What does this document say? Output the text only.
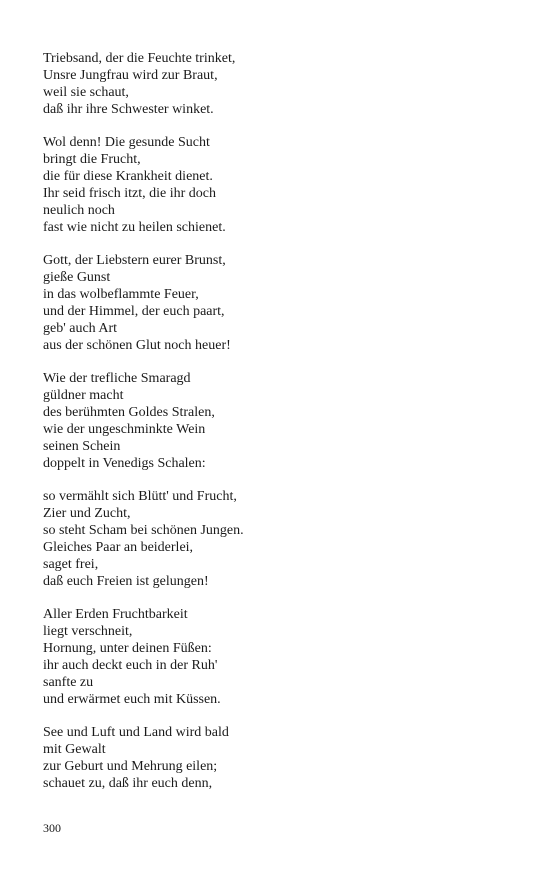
Triebsand, der die Feuchte trinket,
Unsre Jungfrau wird zur Braut,
weil sie schaut,
daß ihr ihre Schwester winket.
Wol denn! Die gesunde Sucht
bringt die Frucht,
die für diese Krankheit dienet.
Ihr seid frisch itzt, die ihr doch
neulich noch
fast wie nicht zu heilen schienet.
Gott, der Liebstern eurer Brunst,
gieße Gunst
in das wolbeflammte Feuer,
und der Himmel, der euch paart,
geb' auch Art
aus der schönen Glut noch heuer!
Wie der trefliche Smaragd
güldner macht
des berühmten Goldes Stralen,
wie der ungeschminkte Wein
seinen Schein
doppelt in Venedigs Schalen:
so vermählt sich Blütt' und Frucht,
Zier und Zucht,
so steht Scham bei schönen Jungen.
Gleiches Paar an beiderlei,
saget frei,
daß euch Freien ist gelungen!
Aller Erden Fruchtbarkeit
liegt verschneit,
Hornung, unter deinen Füßen:
ihr auch deckt euch in der Ruh'
sanfte zu
und erwärmet euch mit Küssen.
See und Luft und Land wird bald
mit Gewalt
zur Geburt und Mehrung eilen;
schauet zu, daß ihr euch denn,
300
